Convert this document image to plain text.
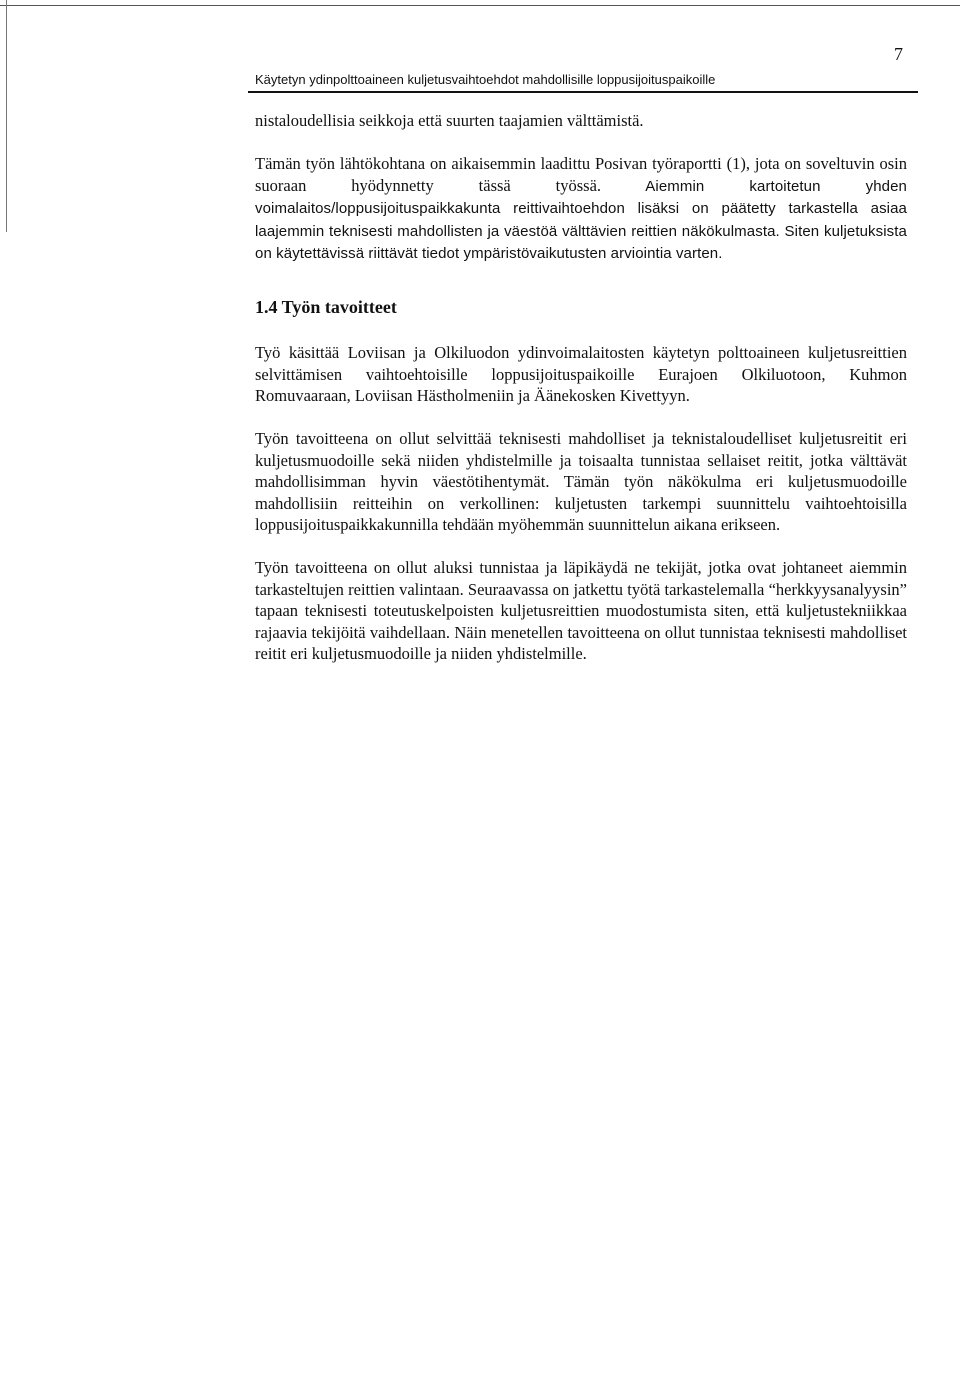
7
Käytetyn ydinpolttoaineen kuljetusvaihtoehdot mahdollisille loppusijoituspaikoille

nistaloudellisia seikkoja että suurten taajamien välttämistä.

Tämän työn lähtökohtana on aikaisemmin laadittu Posivan työraportti (1), jota on soveltuvin osin suoraan hyödynnetty tässä työssä. Aiemmin kartoitetun yhden voimalaitos/loppusijoituspaikkakunta reittivaihtoehdon lisäksi on päätetty tarkastella asiaa laajemmin teknisesti mahdollisten ja väestöä välttävien reittien näkökulmasta. Siten kuljetuksista on käytettävissä riittävät tiedot ympäristövaikutusten arviointia varten.

1.4 Työn tavoitteet

Työ käsittää Loviisan ja Olkiluodon ydinvoimalaitosten käytetyn polttoaineen kuljetusreittien selvittämisen vaihtoehtoisille loppusijoituspaikoille Eurajoen Olkiluotoon, Kuhmon Romuvaaraan, Loviisan Hästholmeniin ja Äänekosken Kivettyyn.

Työn tavoitteena on ollut selvittää teknisesti mahdolliset ja teknistaloudelliset kuljetusreitit eri kuljetusmuodoille sekä niiden yhdistelmille ja toisaalta tunnistaa sellaiset reitit, jotka välttävät mahdollisimman hyvin väestötihentymät. Tämän työn näkökulma eri kuljetusmuodoille mahdollisiin reitteihin on verkollinen: kuljetusten tarkempi suunnittelu vaihtoehtoisilla loppusijoituspaikkakunnilla tehdään myöhemmän suunnittelun aikana erikseen.

Työn tavoitteena on ollut aluksi tunnistaa ja läpikäydä ne tekijät, jotka ovat johtaneet aiemmin tarkasteltujen reittien valintaan. Seuraavassa on jatkettu työtä tarkastelemalla “herkkyysanalyysin” tapaan teknisesti toteutuskelpoisten kuljetusreittien muodostumista siten, että kuljetustekniikkaa rajaavia tekijöitä vaihdellaan. Näin menetellen tavoitteena on ollut tunnistaa teknisesti mahdolliset reitit eri kuljetusmuodoille ja niiden yhdistelmille.
